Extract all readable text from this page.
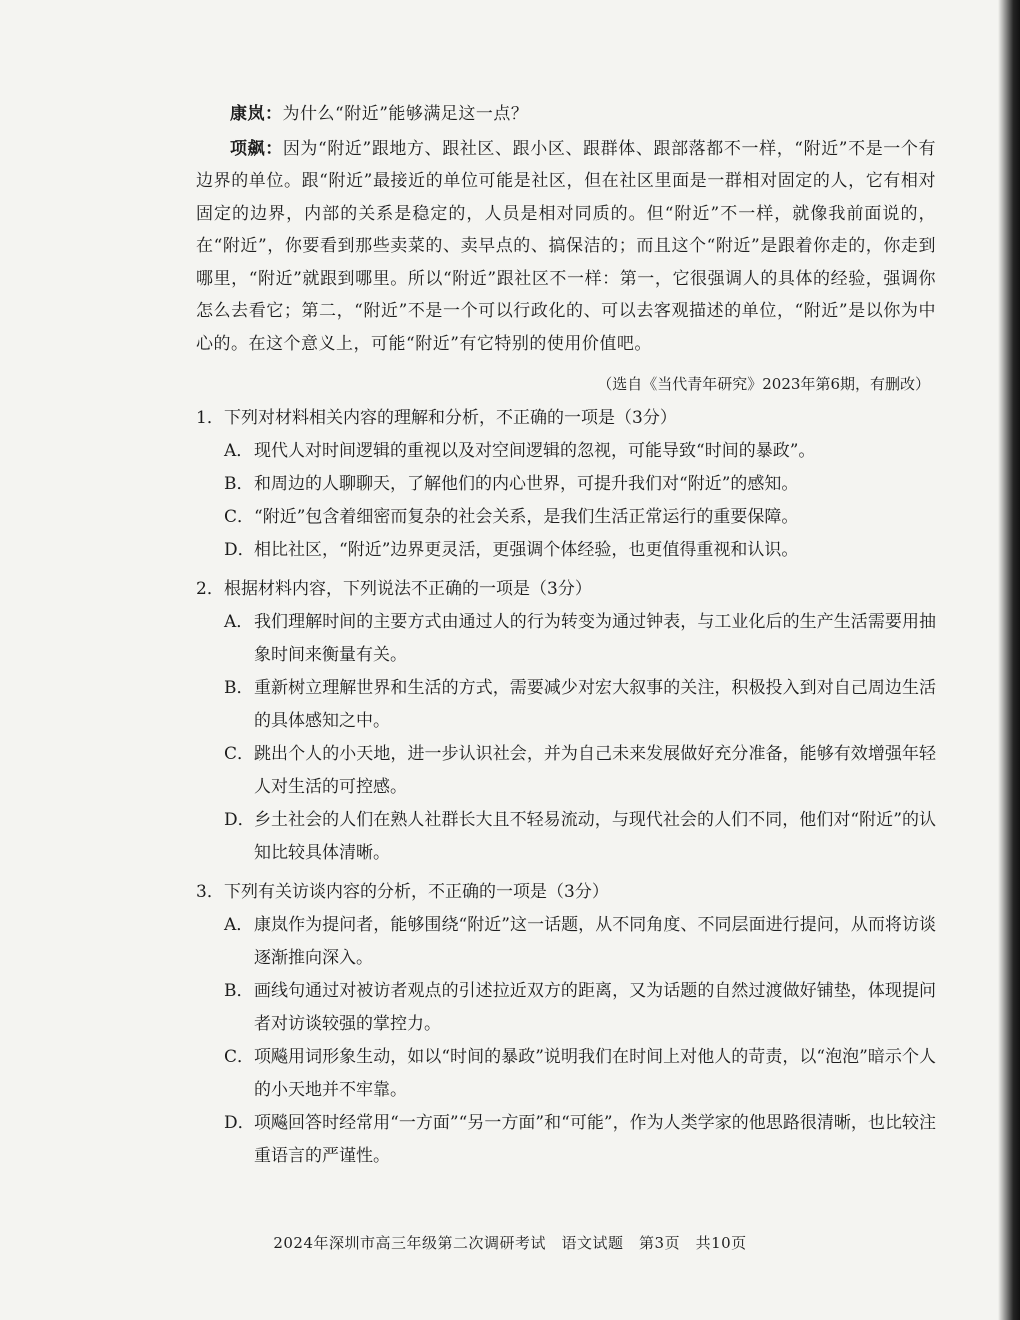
康岚：为什么“附近”能够满足这一点？

项飙：因为“附近”跟地方、跟社区、跟小区、跟群体、跟部落都不一样，“附近”不是一个有边界的单位。跟“附近”最接近的单位可能是社区，但在社区里面是一群相对固定的人，它有相对固定的边界，内部的关系是稳定的，人员是相对同质的。但“附近”不一样，就像我前面说的，在“附近”，你要看到那些卖菜的、卖早点的、搞保洁的；而且这个“附近”是跟着你走的，你走到哪里，“附近”就跟到哪里。所以“附近”跟社区不一样：第一，它很强调人的具体的经验，强调你怎么去看它；第二，“附近”不是一个可以行政化的、可以去客观描述的单位，“附近”是以你为中心的。在这个意义上，可能“附近”有它特别的使用价值吧。

（选自《当代青年研究》2023年第6期，有删改）
1．下列对材料相关内容的理解和分析，不正确的一项是（3分）
A． 现代人对时间逻辑的重视以及对空间逻辑的忽视，可能导致“时间的暴政”。
B． 和周边的人聊聊天，了解他们的内心世界，可提升我们对“附近”的感知。
C． “附近”包含着细密而复杂的社会关系，是我们生活正常运行的重要保障。
D． 相比社区，“附近”边界更灵活，更强调个体经验，也更值得重视和认识。
2．根据材料内容，下列说法不正确的一项是（3分）
A． 我们理解时间的主要方式由通过人的行为转变为通过钟表，与工业化后的生产生活需要用抽象时间来衡量有关。
B． 重新树立理解世界和生活的方式，需要减少对宏大叙事的关注，积极投入到对自己周边生活的具体感知之中。
C． 跳出个人的小天地，进一步认识社会，并为自己未来发展做好充分准备，能够有效增强年轻人对生活的可控感。
D． 乡土社会的人们在熟人社群长大且不轻易流动，与现代社会的人们不同，他们对“附近”的认知比较具体清晰。
3．下列有关访谈内容的分析，不正确的一项是（3分）
A． 康岚作为提问者，能够围绕“附近”这一话题，从不同角度、不同层面进行提问，从而将访谈逐渐推向深入。
B． 画线句通过对被访者观点的引述拉近双方的距离，又为话题的自然过渡做好铺垫，体现提问者对访谈较强的掌控力。
C． 项飚用词形象生动，如以“时间的暴政”说明我们在时间上对他人的苛责，以“泡泡”暗示个人的小天地并不牢靠。
D． 项飚回答时经常用“一方面”“另一方面”和“可能”，作为人类学家的他思路很清晰，也比较注重语言的严谨性。
2024年深圳市高三年级第二次调研考试　语文试题　第3页　共10页
